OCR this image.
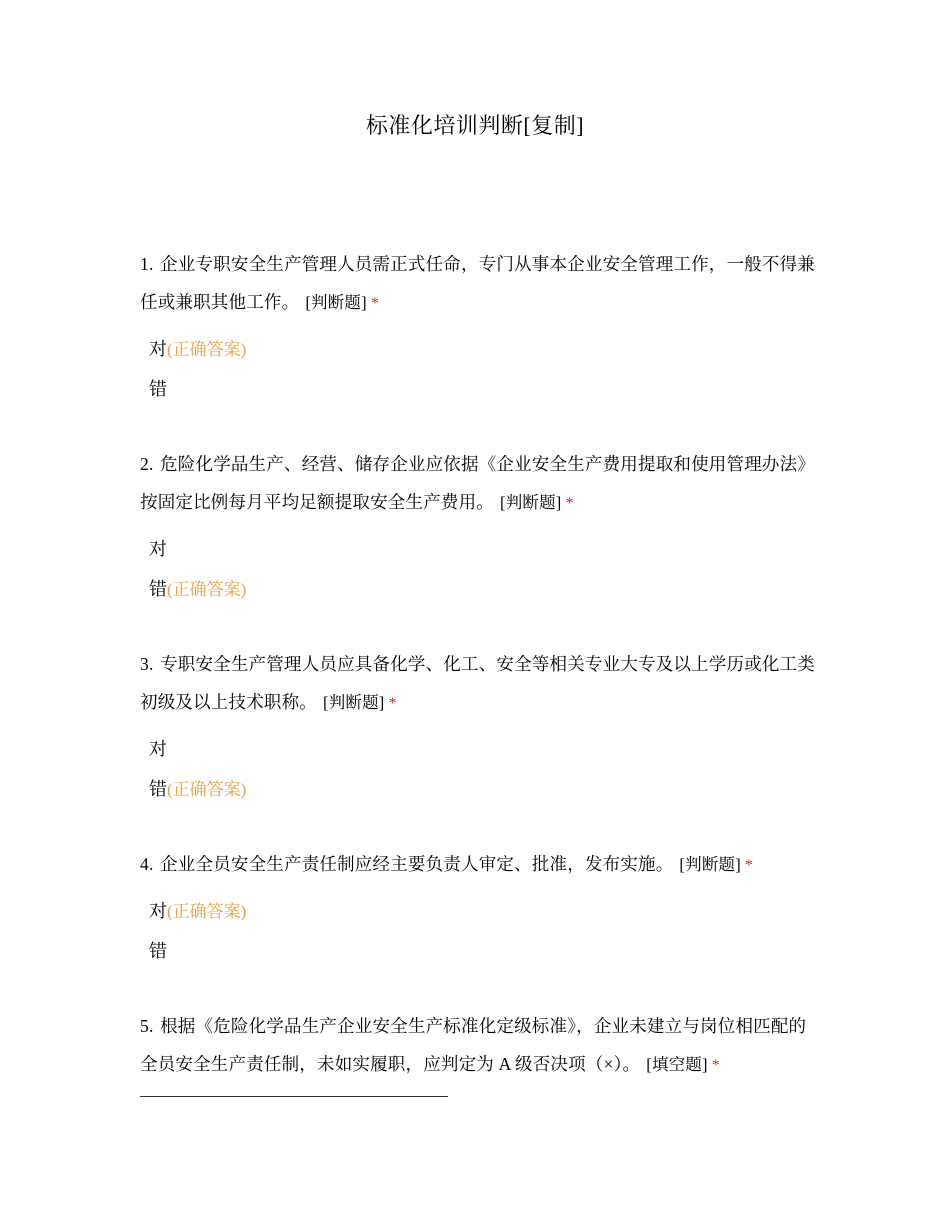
标准化培训判断[复制]
1. 企业专职安全生产管理人员需正式任命，专门从事本企业安全管理工作，一般不得兼任或兼职其他工作。 [判断题] *
对(正确答案)
错
2. 危险化学品生产、经营、储存企业应依据《企业安全生产费用提取和使用管理办法》按固定比例每月平均足额提取安全生产费用。 [判断题] *
对
错(正确答案)
3. 专职安全生产管理人员应具备化学、化工、安全等相关专业大专及以上学历或化工类初级及以上技术职称。 [判断题] *
对
错(正确答案)
4. 企业全员安全生产责任制应经主要负责人审定、批准，发布实施。 [判断题] *
对(正确答案)
错
5. 根据《危险化学品生产企业安全生产标准化定级标准》，企业未建立与岗位相匹配的全员安全生产责任制，未如实履职，应判定为 A 级否决项（×）。 [填空题] *
